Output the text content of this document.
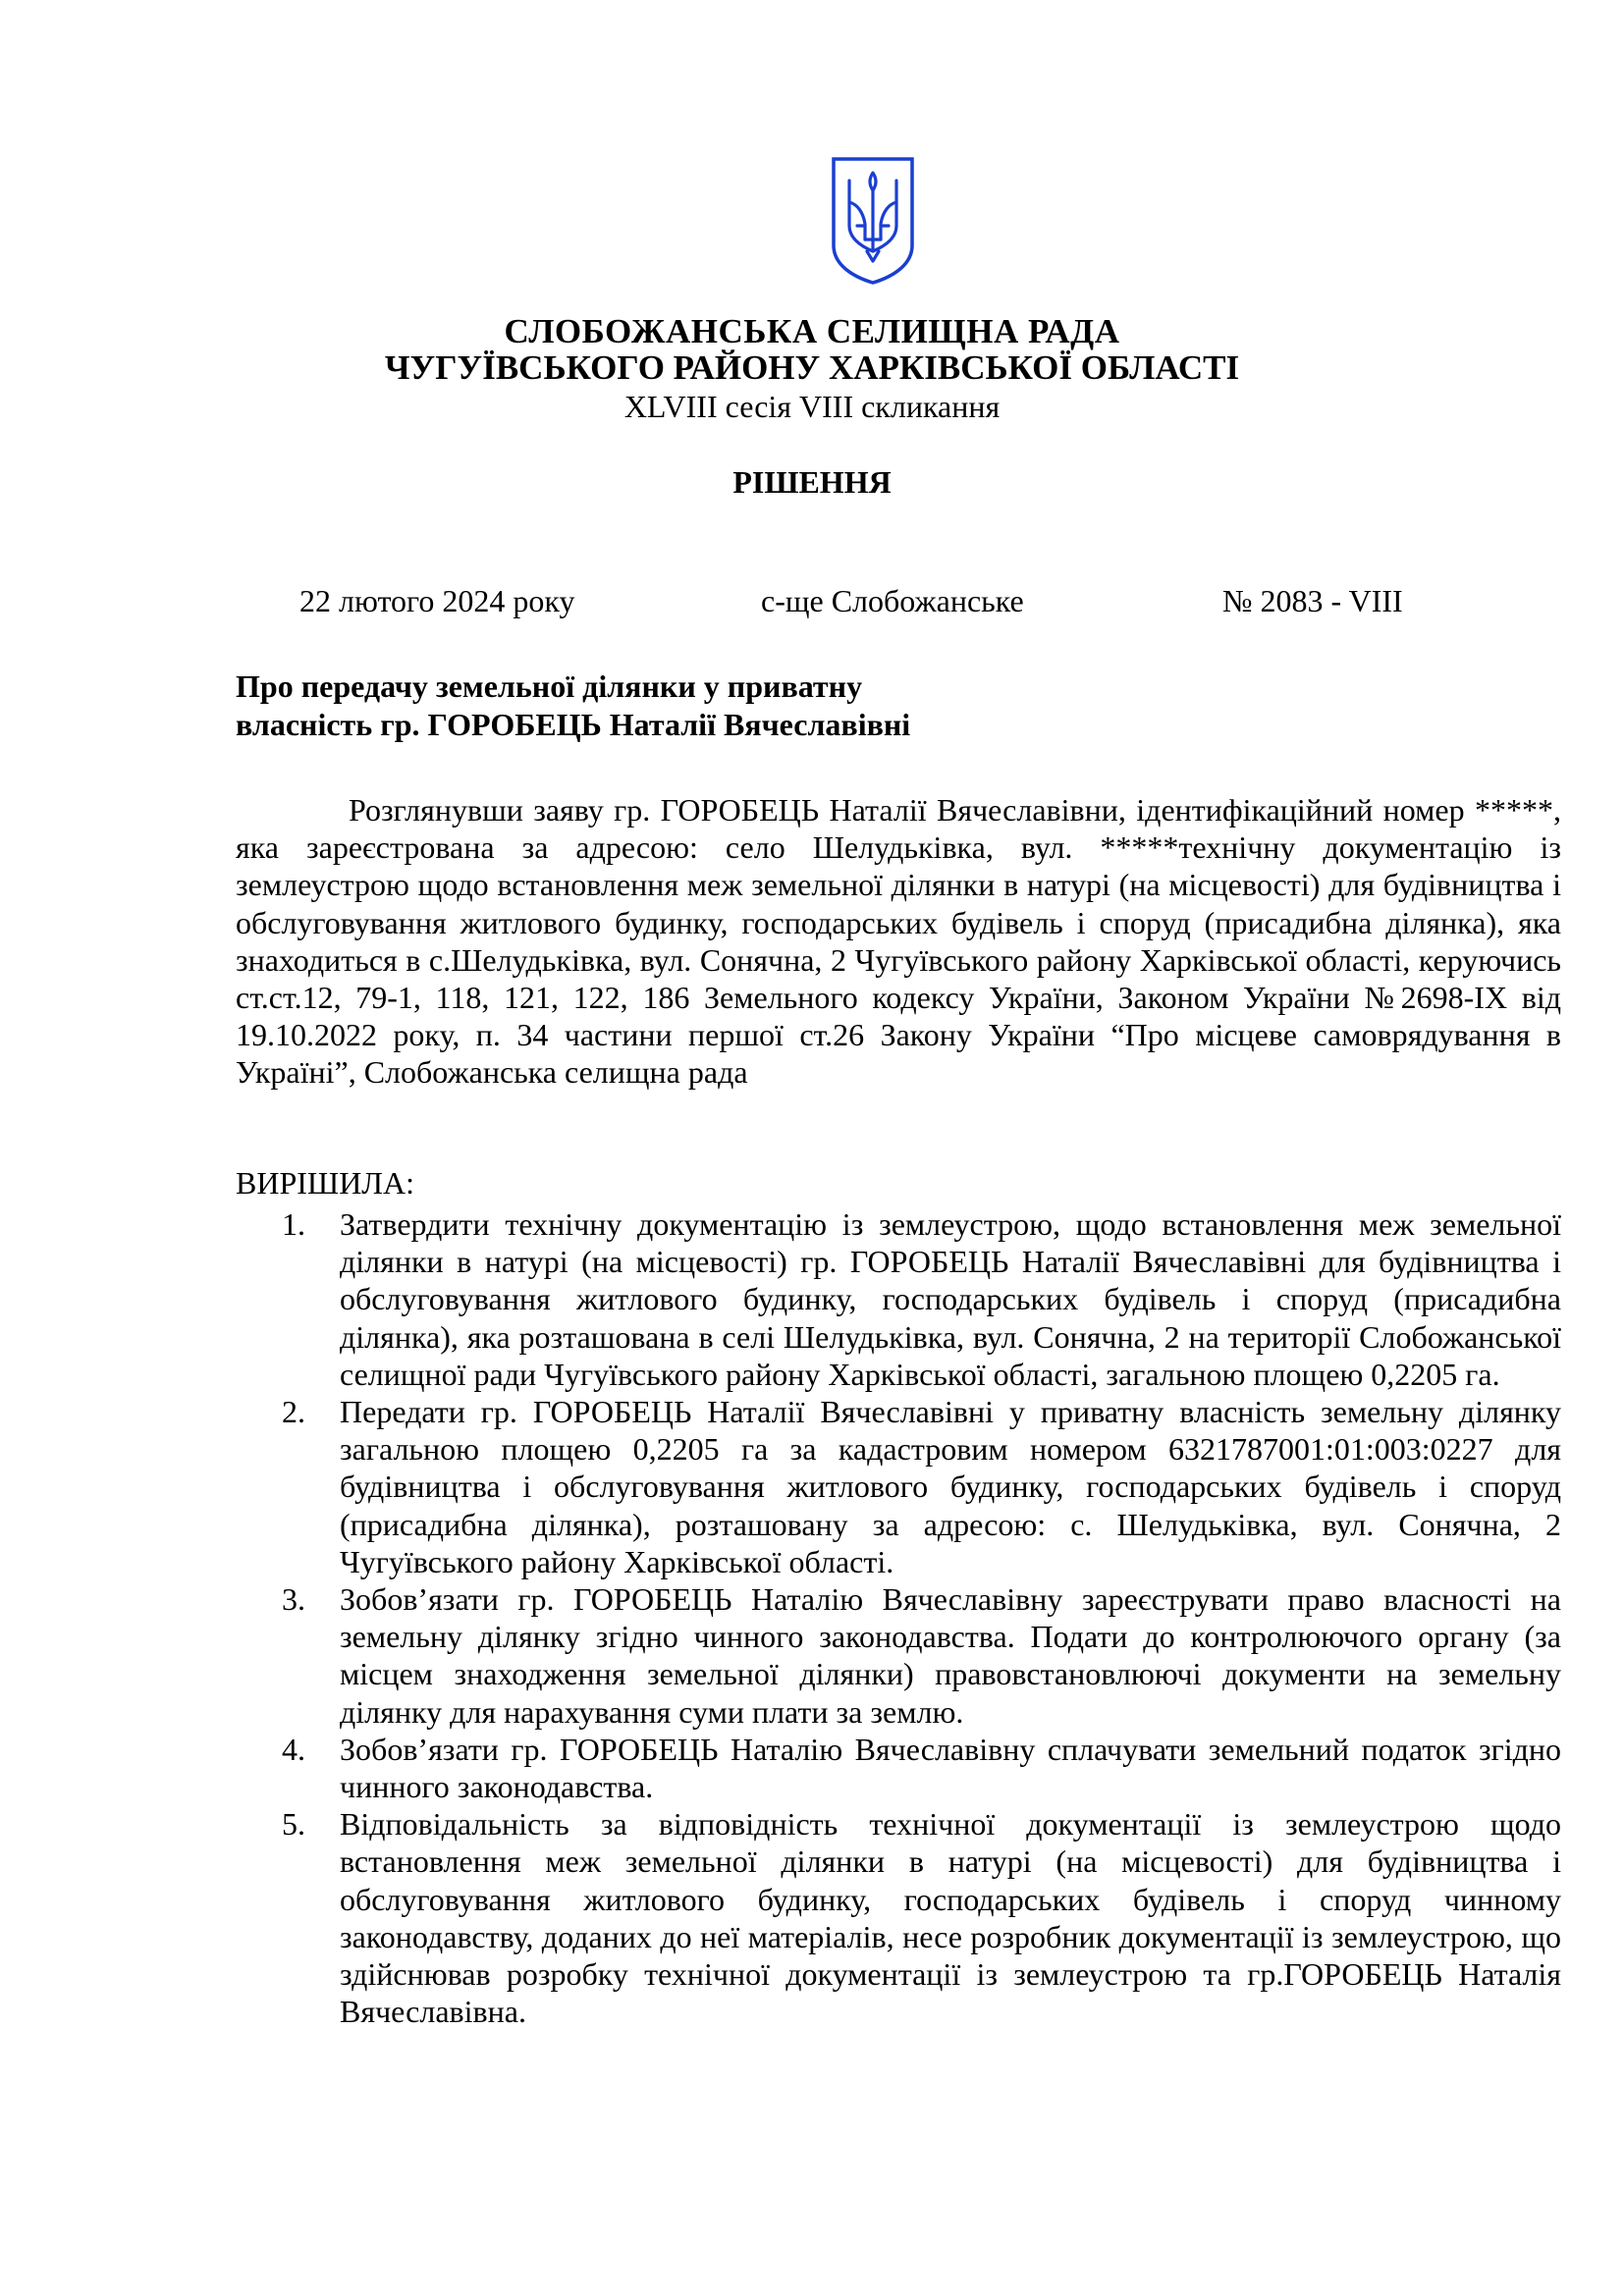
СЛОБОЖАНСЬКА СЕЛИЩНА РАДА
ЧУГУЇВСЬКОГО РАЙОНУ ХАРКІВСЬКОЇ ОБЛАСТІ
XLVIII сесія VIII скликання
РІШЕННЯ
22 лютого 2024 року	с-ще Слобожанське	№ 2083 - VIII
Про передачу земельної ділянки у приватну
власність гр. ГОРОБЕЦЬ Наталії Вячеславівні
Розглянувши заяву гр. ГОРОБЕЦЬ Наталії Вячеславівни, ідентифікаційний номер *****, яка зареєстрована за адресою: село Шелудьківка, вул. *****технічну документацію із землеустрою щодо встановлення меж земельної ділянки в натурі (на місцевості) для будівництва і обслуговування житлового будинку, господарських будівель і споруд (присадибна ділянка), яка знаходиться в с.Шелудьківка, вул. Сонячна, 2 Чугуївського району Харківської області, керуючись ст.ст.12, 79-1, 118, 121, 122, 186 Земельного кодексу України, Законом України №2698-IX від 19.10.2022 року, п. 34 частини першої ст.26 Закону України “Про місцеве самоврядування в Україні”, Слобожанська селищна рада
ВИРІШИЛА:
1. Затвердити технічну документацію із землеустрою, щодо встановлення меж земельної ділянки в натурі (на місцевості) гр. ГОРОБЕЦЬ Наталії Вячеславівні для будівництва і обслуговування житлового будинку, господарських будівель і споруд (присадибна ділянка), яка розташована в селі Шелудьківка, вул. Сонячна, 2 на території Слобожанської селищної ради Чугуївського району Харківської області, загальною площею 0,2205 га.
2. Передати гр. ГОРОБЕЦЬ Наталії Вячеславівні у приватну власність земельну ділянку загальною площею 0,2205 га за кадастровим номером 6321787001:01:003:0227 для будівництва і обслуговування житлового будинку, господарських будівель і споруд (присадибна ділянка), розташовану за адресою: с. Шелудьківка, вул. Сонячна, 2 Чугуївського району Харківської області.
3. Зобов’язати гр. ГОРОБЕЦЬ Наталію Вячеславівну зареєструвати право власності на земельну ділянку згідно чинного законодавства. Подати до контролюючого органу (за місцем знаходження земельної ділянки) правовстановлюючі документи на земельну ділянку для нарахування суми плати за землю.
4. Зобов’язати гр. ГОРОБЕЦЬ Наталію Вячеславівну сплачувати земельний податок згідно чинного законодавства.
5. Відповідальність за відповідність технічної документації із землеустрою щодо встановлення меж земельної ділянки в натурі (на місцевості) для будівництва і обслуговування житлового будинку, господарських будівель і споруд чинному законодавству, доданих до неї матеріалів, несе розробник документації із землеустрою, що здійснював розробку технічної документації із землеустрою та гр.ГОРОБЕЦЬ Наталія Вячеславівна.
